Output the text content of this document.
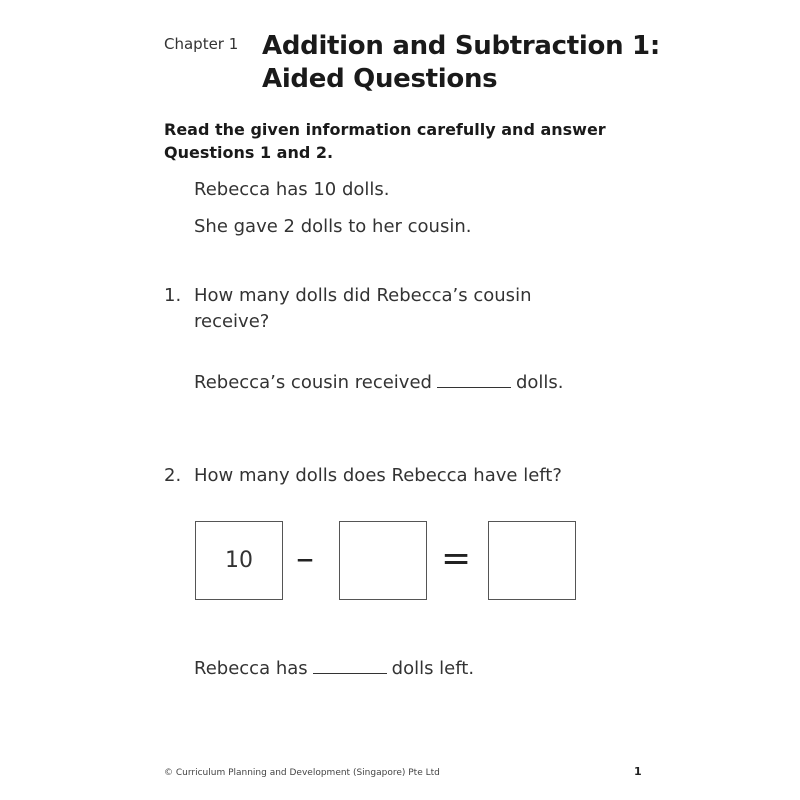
Chapter 1 Addition and Subtraction 1:
Aided Questions
Read the given information carefully and answer
Questions 1 and 2.
Rebecca has 10 dolls.
She gave 2 dolls to her cousin.
1. How many dolls did Rebecca’s cousin
receive?
Rebecca’s cousin received	dolls.
2. How many dolls does Rebecca have left?
10	–	=
Rebecca has	dolls left.
© Curriculum Planning and Development (Singapore) Pte Ltd	1
